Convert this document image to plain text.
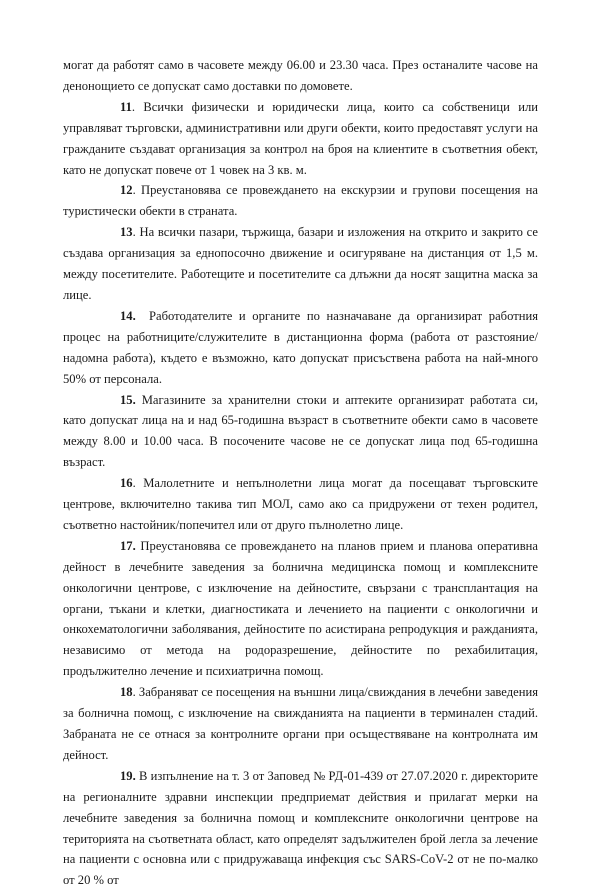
могат да работят само в часовете между 06.00 и 23.30 часа. През останалите часове на денонощието се допускат само доставки по домовете.

11. Всички физически и юридически лица, които са собственици или управляват търговски, административни или други обекти, които предоставят услуги на гражданите създават организация за контрол на броя на клиентите в съответния обект, като не допускат повече от 1 човек на 3 кв. м.

12. Преустановява се провеждането на екскурзии и групови посещения на туристически обекти в страната.

13. На всички пазари, тържища, базари и изложения на открито и закрито се създава организация за еднопосочно движение и осигуряване на дистанция от 1,5 м. между посетителите. Работещите и посетителите са длъжни да носят защитна маска за лице.

14. Работодателите и органите по назначаване да организират работния процес на работниците/служителите в дистанционна форма (работа от разстояние/надомна работа), където е възможно, като допускат присъствена работа на най-много 50% от персонала.

15. Магазините за хранителни стоки и аптеките организират работата си, като допускат лица на и над 65-годишна възраст в съответните обекти само в часовете между 8.00 и 10.00 часа. В посочените часове не се допускат лица под 65-годишна възраст.

16. Малолетните и непълнолетни лица могат да посещават търговските центрове, включително такива тип МОЛ, само ако са придружени от техен родител, съответно настойник/попечител или от друго пълнолетно лице.

17. Преустановява се провеждането на планов прием и планова оперативна дейност в лечебните заведения за болнична медицинска помощ и комплексните онкологични центрове, с изключение на дейностите, свързани с трансплантация на органи, тъкани и клетки, диагностиката и лечението на пациенти с онкологични и онкохематологични заболявания, дейностите по асистирана репродукция и ражданията, независимо от метода на родоразрешение, дейностите по рехабилитация, продължително лечение и психиатрична помощ.

18. Забраняват се посещения на външни лица/свиждания в лечебни заведения за болнична помощ, с изключение на свижданията на пациенти в терминален стадий. Забраната не се отнася за контролните органи при осъществяване на контролната им дейност.

19. В изпълнение на т. 3 от Заповед № РД-01-439 от 27.07.2020 г. директорите на регионалните здравни инспекции предприемат действия и прилагат мерки на лечебните заведения за болнична помощ и комплексните онкологични центрове на територията на съответната област, като определят задължителен брой легла за лечение на пациенти с основна или с придружаваща инфекция със SARS-CoV-2 от не по-малко от 20 % от
